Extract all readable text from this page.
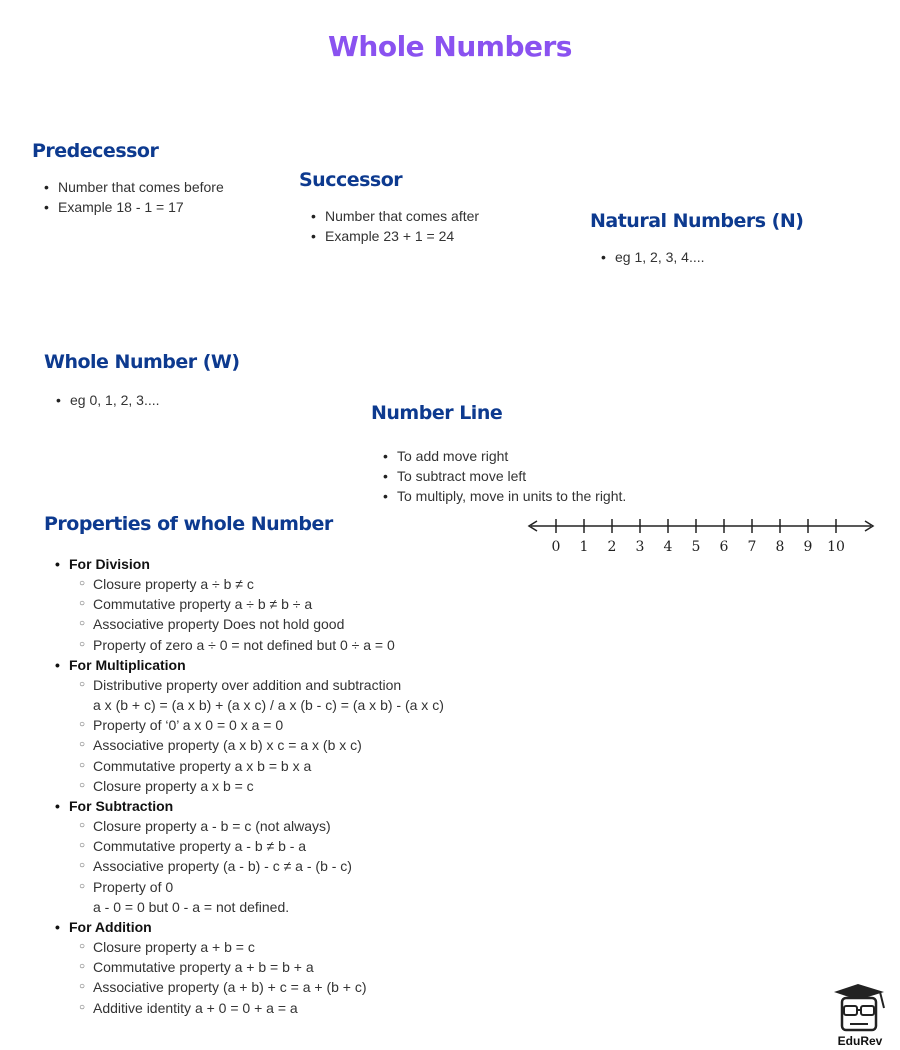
Whole Numbers
Predecessor
• Number that comes before
• Example 18 - 1 = 17
Successor
• Number that comes after
• Example 23 + 1 = 24
Natural Numbers (N)
• eg 1, 2, 3, 4....
Whole Number (W)
• eg 0, 1, 2, 3....
Number Line
• To add move right
• To subtract move left
• To multiply, move in units to the right.
0 1 2 3 4 5 6 7 8 9 10
Properties of whole Number
• For Division
○ Closure property a ÷ b ≠ c
○ Commutative property a ÷ b ≠ b ÷ a
○ Associative property Does not hold good
○ Property of zero a ÷ 0 = not defined but 0 ÷ a = 0
• For Multiplication
○ Distributive property over addition and subtraction
a x (b + c) = (a x b) + (a x c) / a x (b - c) = (a x b) - (a x c)
○ Property of ‘0’ a x 0 = 0 x a = 0
○ Associative property (a x b) x c = a x (b x c)
○ Commutative property a x b = b x a
○ Closure property a x b = c
• For Subtraction
○ Closure property a - b = c (not always)
○ Commutative property a - b ≠ b - a
○ Associative property (a - b) - c ≠ a - (b - c)
○ Property of 0
a - 0 = 0 but 0 - a = not defined.
• For Addition
○ Closure property a + b = c
○ Commutative property a + b = b + a
○ Associative property (a + b) + c = a + (b + c)
○ Additive identity a + 0 = 0 + a = a
EduRev
